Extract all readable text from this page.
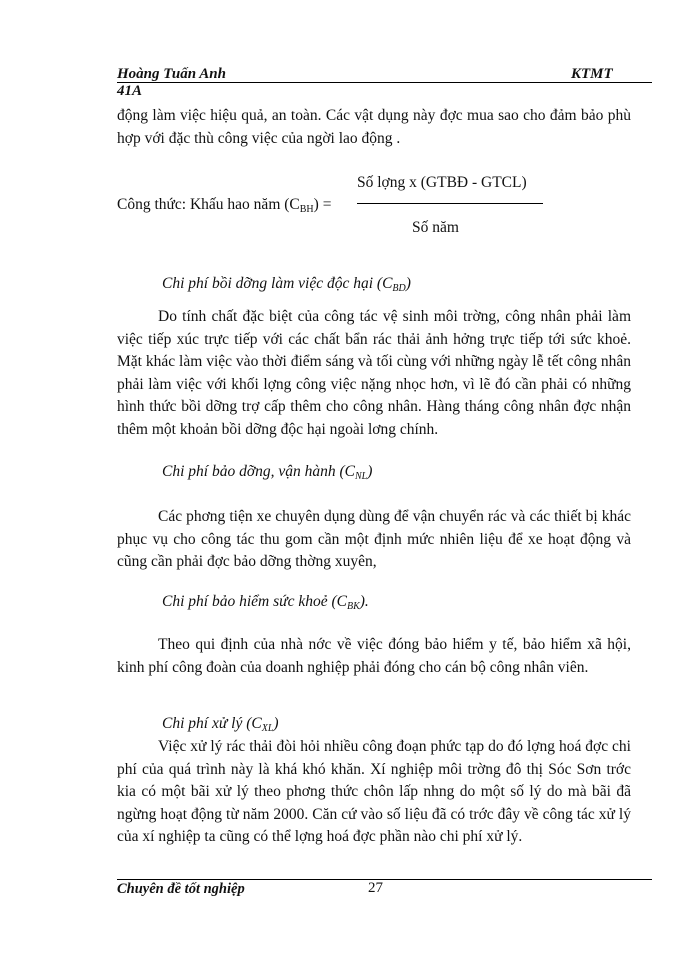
Hoàng Tuấn Anh	KTMT
41A

động làm việc hiệu quả, an toàn. Các vật dụng này đợc mua sao cho đảm bảo phù hợp với đặc thù công việc của ngời lao động .

Số lợng x (GTBĐ - GTCL)
Công thức: Khấu hao năm $(C_{BH})$ =
Số năm
Chi phí bồi dỡng làm việc độc hại $(C_{BD})$

Do tính chất đặc biệt của công tác vệ sinh môi trờng, công nhân phải làm việc tiếp xúc trực tiếp với các chất bẩn rác thải ảnh hởng trực tiếp tới sức khoẻ. Mặt khác làm việc vào thời điểm sáng và tối cùng với những ngày lễ tết công nhân phải làm việc với khối lợng công việc nặng nhọc hơn, vì lẽ đó cần phải có những hình thức bồi dỡng trợ cấp thêm cho công nhân. Hàng tháng công nhân đợc nhận thêm một khoản bồi dỡng độc hại ngoài lơng chính.

Chi phí bảo dỡng, vận hành $(C_{NL})$

Các phơng tiện xe chuyên dụng dùng để vận chuyển rác và các thiết bị khác phục vụ cho công tác thu gom cần một định mức nhiên liệu để xe hoạt động và cũng cần phải đợc bảo dỡng thờng xuyên,

Chi phí bảo hiểm sức khoẻ $(C_{BK})$.

Theo qui định của nhà nớc về việc đóng bảo hiểm y tế, bảo hiểm xã hội, kinh phí công đoàn của doanh nghiệp phải đóng cho cán bộ công nhân viên.

Chi phí xử lý $(C_{XL})$

Việc xử lý rác thải đòi hỏi nhiều công đoạn phức tạp do đó lợng hoá đợc chi phí của quá trình này là khá khó khăn. Xí nghiệp môi trờng đô thị Sóc Sơn trớc kia có một bãi xử lý theo phơng thức chôn lấp nhng do một số lý do mà bãi đã ngừng hoạt động từ năm 2000. Căn cứ vào số liệu đã có trớc đây về công tác xử lý của xí nghiệp ta cũng có thể lợng hoá đợc phần nào chi phí xử lý.

Chuyên đề tốt nghiệp	27
